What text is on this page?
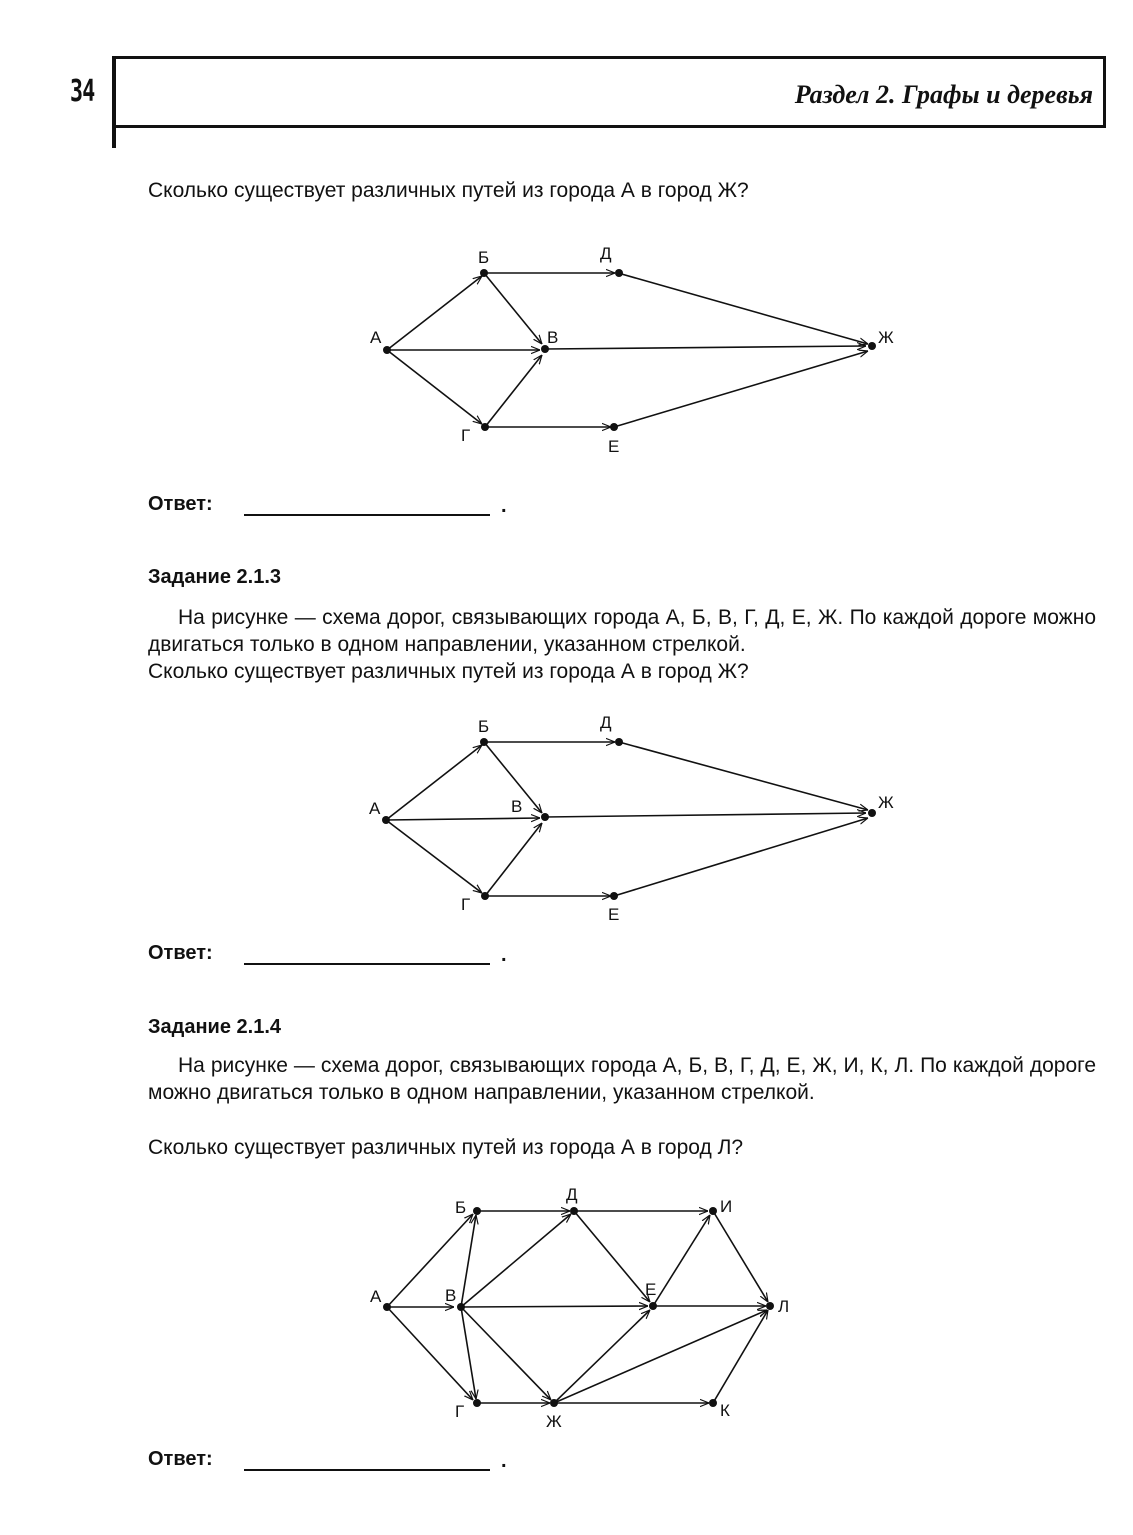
34	Раздел 2. Графы и деревья
Сколько существует различных путей из города А в город Ж?
А
Б
В
Г
Д
Е
Ж
А
Б
В
Г
Д
Е
Ж
А
Б
В
Г
Д
Е
Ж
И
К
Л
Ответ:	.
Задание 2.1.3
На рисунке — схема дорог, связывающих города А, Б, В, Г, Д, Е, Ж. По каждой дороге можно двигаться только в одном направлении, указанном стрелкой.
Сколько существует различных путей из города А в город Ж?
Ответ:	.
Задание 2.1.4
На рисунке — схема дорог, связывающих города А, Б, В, Г, Д, Е, Ж, И, К, Л. По каждой дороге можно двигаться только в одном направлении, указанном стрелкой.
Сколько существует различных путей из города А в город Л?
Ответ:	.
